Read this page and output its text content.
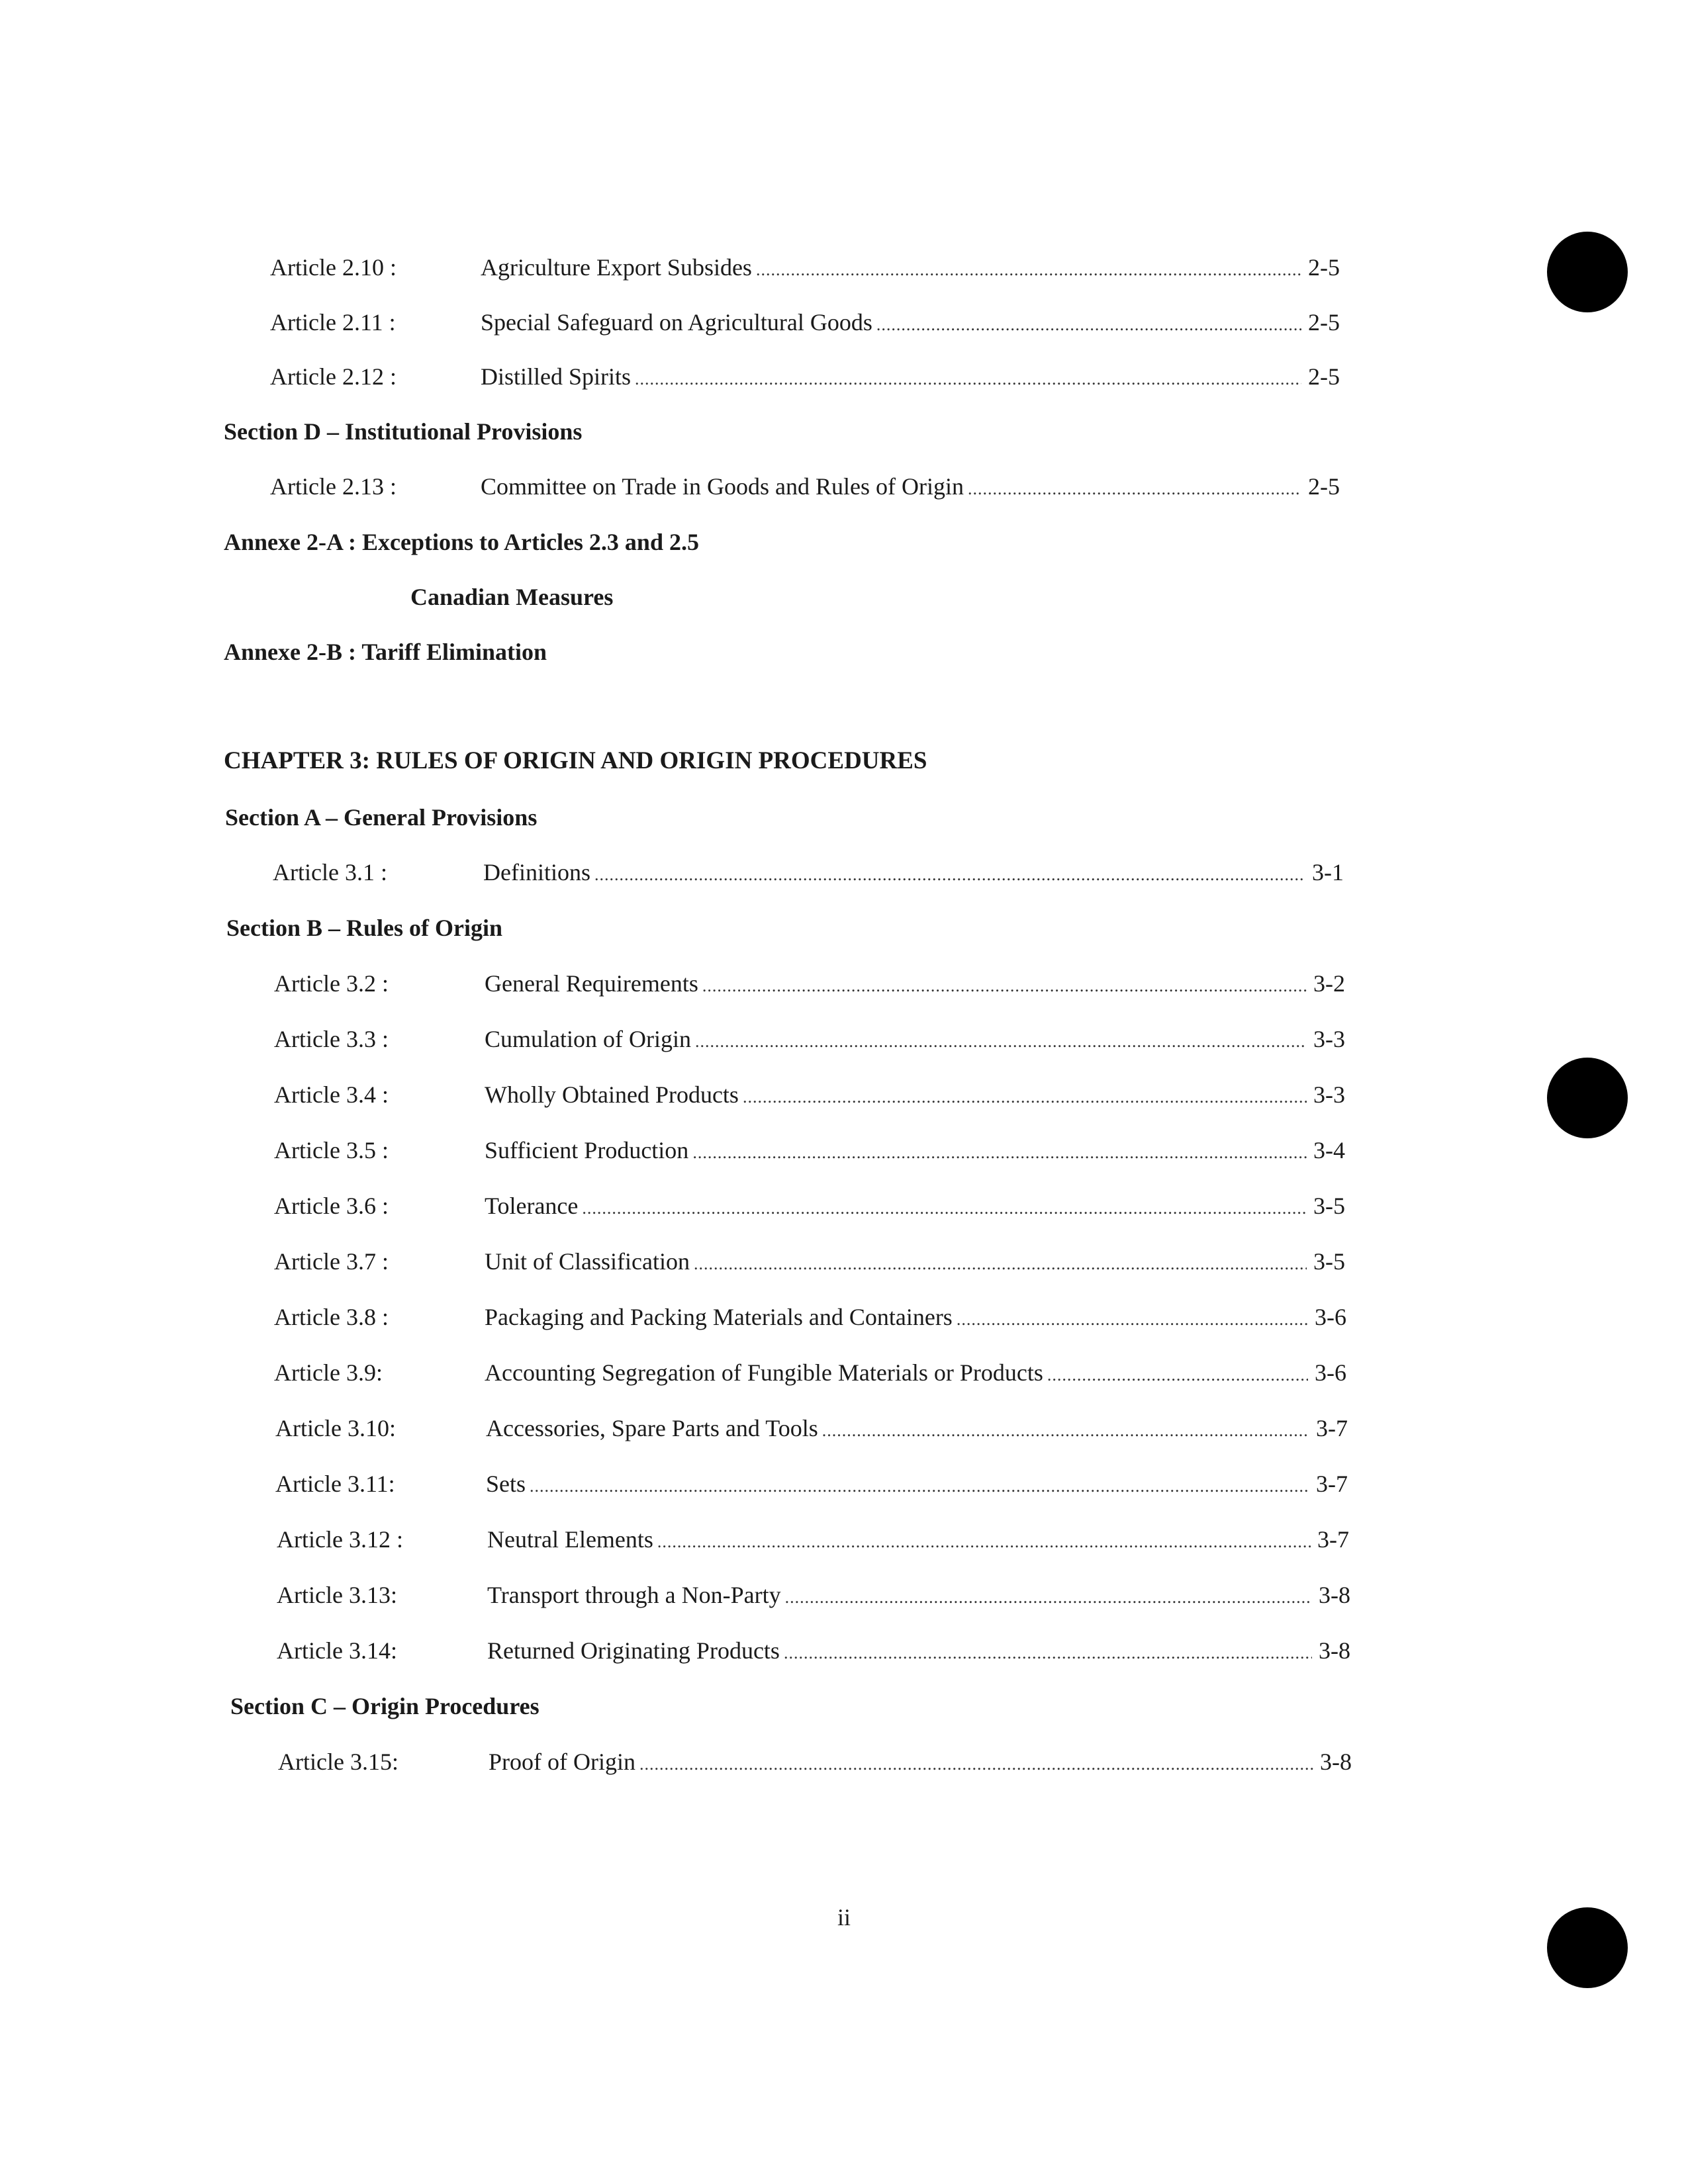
Article 2.10 :	Agriculture Export Subsides .....	2-5
Article 2.11 :	Special Safeguard on Agricultural Goods .....	2-5
Article 2.12 :	Distilled Spirits .....	2-5
Section D – Institutional Provisions
Article 2.13 :	Committee on Trade in Goods and Rules of Origin .....	2-5
Annexe 2-A : Exceptions to Articles 2.3 and 2.5
Canadian Measures
Annexe 2-B : Tariff Elimination
CHAPTER 3: RULES OF ORIGIN AND ORIGIN PROCEDURES
Section A – General Provisions
Article 3.1 :	Definitions .....	3-1
Section B – Rules of Origin
Article 3.2 :	General Requirements .....	3-2
Article 3.3 :	Cumulation of Origin .....	3-3
Article 3.4 :	Wholly Obtained Products .....	3-3
Article 3.5 :	Sufficient Production .....	3-4
Article 3.6 :	Tolerance .....	3-5
Article 3.7 :	Unit of Classification .....	3-5
Article 3.8 :	Packaging and Packing Materials and Containers .....	3-6
Article 3.9:	Accounting Segregation of Fungible Materials or Products .....	3-6
Article 3.10:	Accessories, Spare Parts and Tools .....	3-7
Article 3.11:	Sets .....	3-7
Article 3.12 :	Neutral Elements .....	3-7
Article 3.13:	Transport through a Non-Party .....	3-8
Article 3.14:	Returned Originating Products .....	3-8
Section C – Origin Procedures
Article 3.15:	Proof of Origin .....	3-8
ii
